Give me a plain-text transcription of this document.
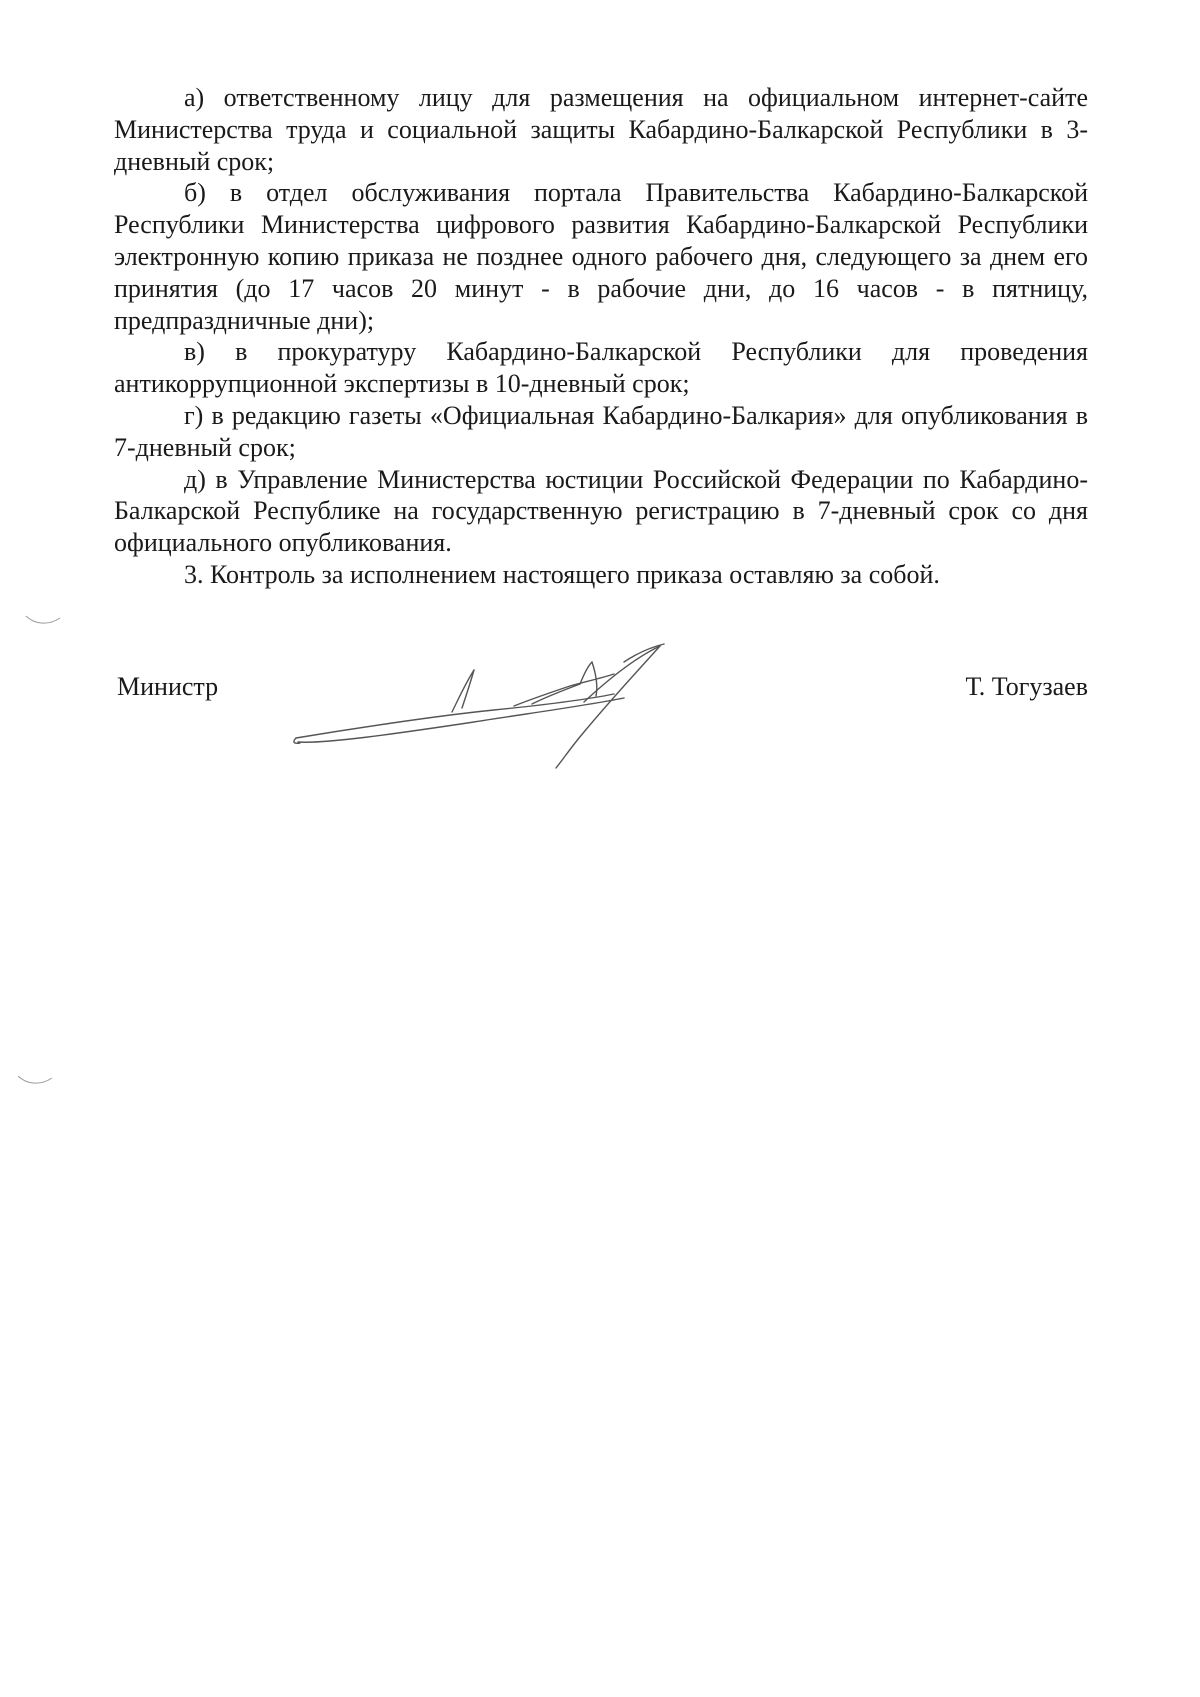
а) ответственному лицу для размещения на официальном интернет-сайте Министерства труда и социальной защиты Кабардино-Балкарской Республики в 3-дневный срок;

б) в отдел обслуживания портала Правительства Кабардино-Балкарской Республики Министерства цифрового развития Кабардино-Балкарской Республики электронную копию приказа не позднее одного рабочего дня, следующего за днем его принятия (до 17 часов 20 минут - в рабочие дни, до 16 часов - в пятницу, предпраздничные дни);

в) в прокуратуру Кабардино-Балкарской Республики для проведения антикоррупционной экспертизы в 10-дневный срок;

г) в редакцию газеты «Официальная Кабардино-Балкария» для опубликования в 7-дневный срок;

д) в Управление Министерства юстиции Российской Федерации по Кабардино-Балкарской Республике на государственную регистрацию в 7-дневный срок со дня официального опубликования.

3. Контроль за исполнением настоящего приказа оставляю за собой.

Министр	Т. Тогузаев
